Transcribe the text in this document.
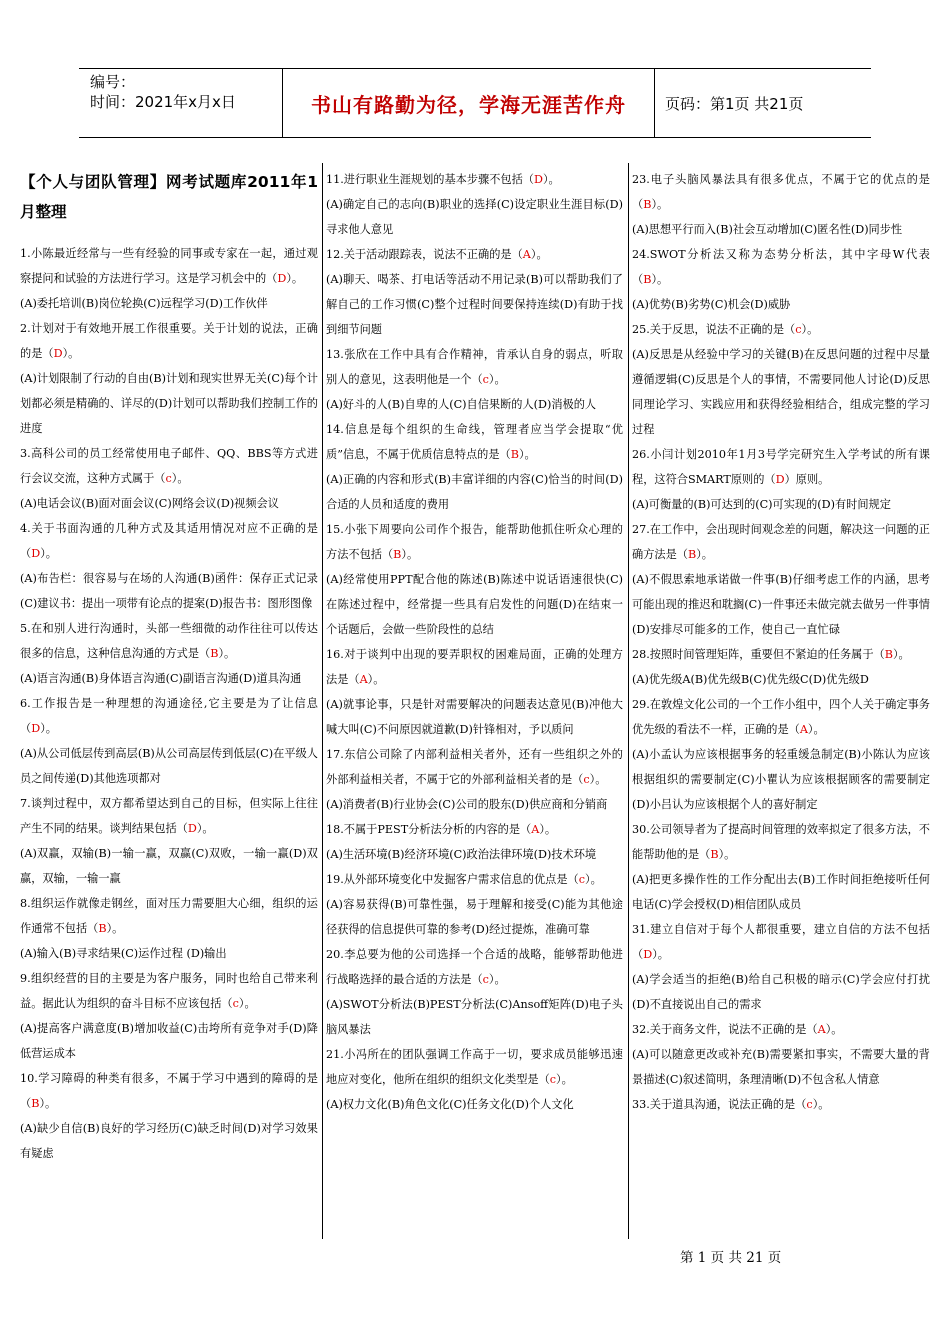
编号：
时间：2021年x月x日	书山有路勤为径，学海无涯苦作舟	页码：第1页 共21页

【个人与团队管理】网考试题库2011年1月整理

1.小陈最近经常与一些有经验的同事或专家在一起，通过观察提问和试验的方法进行学习。这是学习机会中的（D）。

(A)委托培训(B)岗位轮换(C)远程学习(D)工作伙伴

2.计划对于有效地开展工作很重要。关于计划的说法，正确的是（D）。

(A)计划限制了行动的自由(B)计划和现实世界无关(C)每个计划都必须是精确的、详尽的(D)计划可以帮助我们控制工作的进度

3.高科公司的员工经常使用电子邮件、QQ、BBS等方式进行会议交流，这种方式属于（c）。

(A)电话会议(B)面对面会议(C)网络会议(D)视频会议

4.关于书面沟通的几种方式及其适用情况对应不正确的是（D）。

(A)布告栏：很容易与在场的人沟通(B)函件：保存正式记录(C)建议书：提出一项带有论点的提案(D)报告书：图形图像

5.在和别人进行沟通时，头部一些细微的动作往往可以传达很多的信息，这种信息沟通的方式是（B）。

(A)语言沟通(B)身体语言沟通(C)副语言沟通(D)道具沟通

6.工作报告是一种理想的沟通途径,它主要是为了让信息（D）。

(A)从公司低层传到高层(B)从公司高层传到低层(C)在平级人员之间传递(D)其他选项都对

7.谈判过程中，双方都希望达到自己的目标，但实际上往往产生不同的结果。谈判结果包括（D）。

(A)双赢，双输(B)一输一赢，双赢(C)双败，一输一赢(D)双赢，双输，一输一赢

8.组织运作就像走钢丝，面对压力需要胆大心细，组织的运作通常不包括（B）。

(A)输入(B)寻求结果(C)运作过程 (D)输出

9.组织经营的目的主要是为客户服务，同时也给自己带来利益。据此认为组织的奋斗目标不应该包括（c）。

(A)提高客户满意度(B)增加收益(C)击垮所有竞争对手(D)降低营运成本

10.学习障碍的种类有很多，不属于学习中遇到的障碍的是（B）。

(A)缺少自信(B)良好的学习经历(C)缺乏时间(D)对学习效果有疑虑

11.进行职业生涯规划的基本步骤不包括（D）。

(A)确定自己的志向(B)职业的选择(C)设定职业生涯目标(D)寻求他人意见

12.关于活动跟踪表，说法不正确的是（A）。

(A)聊天、喝茶、打电话等活动不用记录(B)可以帮助我们了解自己的工作习惯(C)整个过程时间要保持连续(D)有助于找到细节问题

13.张欣在工作中具有合作精神，肯承认自身的弱点，听取别人的意见，这表明他是一个（c）。

(A)好斗的人(B)自卑的人(C)自信果断的人(D)消极的人

14.信息是每个组织的生命线，管理者应当学会提取“优质”信息，不属于优质信息特点的是（B）。

(A)正确的内容和形式(B)丰富详细的内容(C)恰当的时间(D)合适的人员和适度的费用

15.小张下周要向公司作个报告，能帮助他抓住听众心理的方法不包括（B）。

(A)经常使用PPT配合他的陈述(B)陈述中说话语速很快(C)在陈述过程中，经常提一些具有启发性的问题(D)在结束一个话题后，会做一些阶段性的总结

16.对于谈判中出现的要弄职权的困难局面，正确的处理方法是（A）。

(A)就事论事，只是针对需要解决的问题表达意见(B)冲他大喊大叫(C)不问原因就道歉(D)针锋相对，予以质问

17.东信公司除了内部利益相关者外，还有一些组织之外的外部利益相关者，不属于它的外部利益相关者的是（c）。

(A)消费者(B)行业协会(C)公司的股东(D)供应商和分销商

18.不属于PEST分析法分析的内容的是（A）。

(A)生活环境(B)经济环境(C)政治法律环境(D)技术环境

19.从外部环境变化中发掘客户需求信息的优点是（c）。

(A)容易获得(B)可靠性强，易于理解和接受(C)能为其他途径获得的信息提供可靠的参考(D)经过提炼，准确可靠

20.李总要为他的公司选择一个合适的战略，能够帮助他进行战略选择的最合适的方法是（c）。

(A)SWOT分析法(B)PEST分析法(C)Ansoff矩阵(D)电子头脑风暴法

21.小冯所在的团队强调工作高于一切，要求成员能够迅速地应对变化，他所在组织的组织文化类型是（c）。

(A)权力文化(B)角色文化(C)任务文化(D)个人文化

23.电子头脑风暴法具有很多优点，不属于它的优点的是（B）。

(A)思想平行而入(B)社会互动增加(C)匿名性(D)同步性

24.SWOT分析法又称为态势分析法，其中字母W代表（B）。

(A)优势(B)劣势(C)机会(D)威胁

25.关于反思，说法不正确的是（c）。

(A)反思是从经验中学习的关键(B)在反思问题的过程中尽量遵循逻辑(C)反思是个人的事情，不需要同他人讨论(D)反思同理论学习、实践应用和获得经验相结合，组成完整的学习过程

26.小闫计划2010年1月3号学完研究生入学考试的所有课程，这符合SMART原则的（D）原则。

(A)可衡量的(B)可达到的(C)可实现的(D)有时间规定

27.在工作中，会出现时间观念差的问题，解决这一问题的正确方法是（B）。

(A)不假思索地承诺做一件事(B)仔细考虑工作的内涵，思考可能出现的推迟和耽搁(C)一件事还未做完就去做另一件事情(D)安排尽可能多的工作，使自己一直忙碌

28.按照时间管理矩阵，重要但不紧迫的任务属于（B）。

(A)优先级A(B)优先级B(C)优先级C(D)优先级D

29.在敦煌文化公司的一个工作小组中，四个人关于确定事务优先级的看法不一样，正确的是（A）。

(A)小孟认为应该根据事务的轻重缓急制定(B)小陈认为应该根据组织的需要制定(C)小瞿认为应该根据顾客的需要制定(D)小吕认为应该根据个人的喜好制定

30.公司领导者为了提高时间管理的效率拟定了很多方法，不能帮助他的是（B）。

(A)把更多操作性的工作分配出去(B)工作时间拒绝接听任何电话(C)学会授权(D)相信团队成员

31.建立自信对于每个人都很重要，建立自信的方法不包括（D）。

(A)学会适当的拒绝(B)给自己积极的暗示(C)学会应付打扰(D)不直接说出自己的需求

32.关于商务文件，说法不正确的是（A）。

(A)可以随意更改或补充(B)需要紧扣事实，不需要大量的背景描述(C)叙述简明，条理清晰(D)不包含私人情意

33.关于道具沟通，说法正确的是（c）。

第 1 页 共 21 页
